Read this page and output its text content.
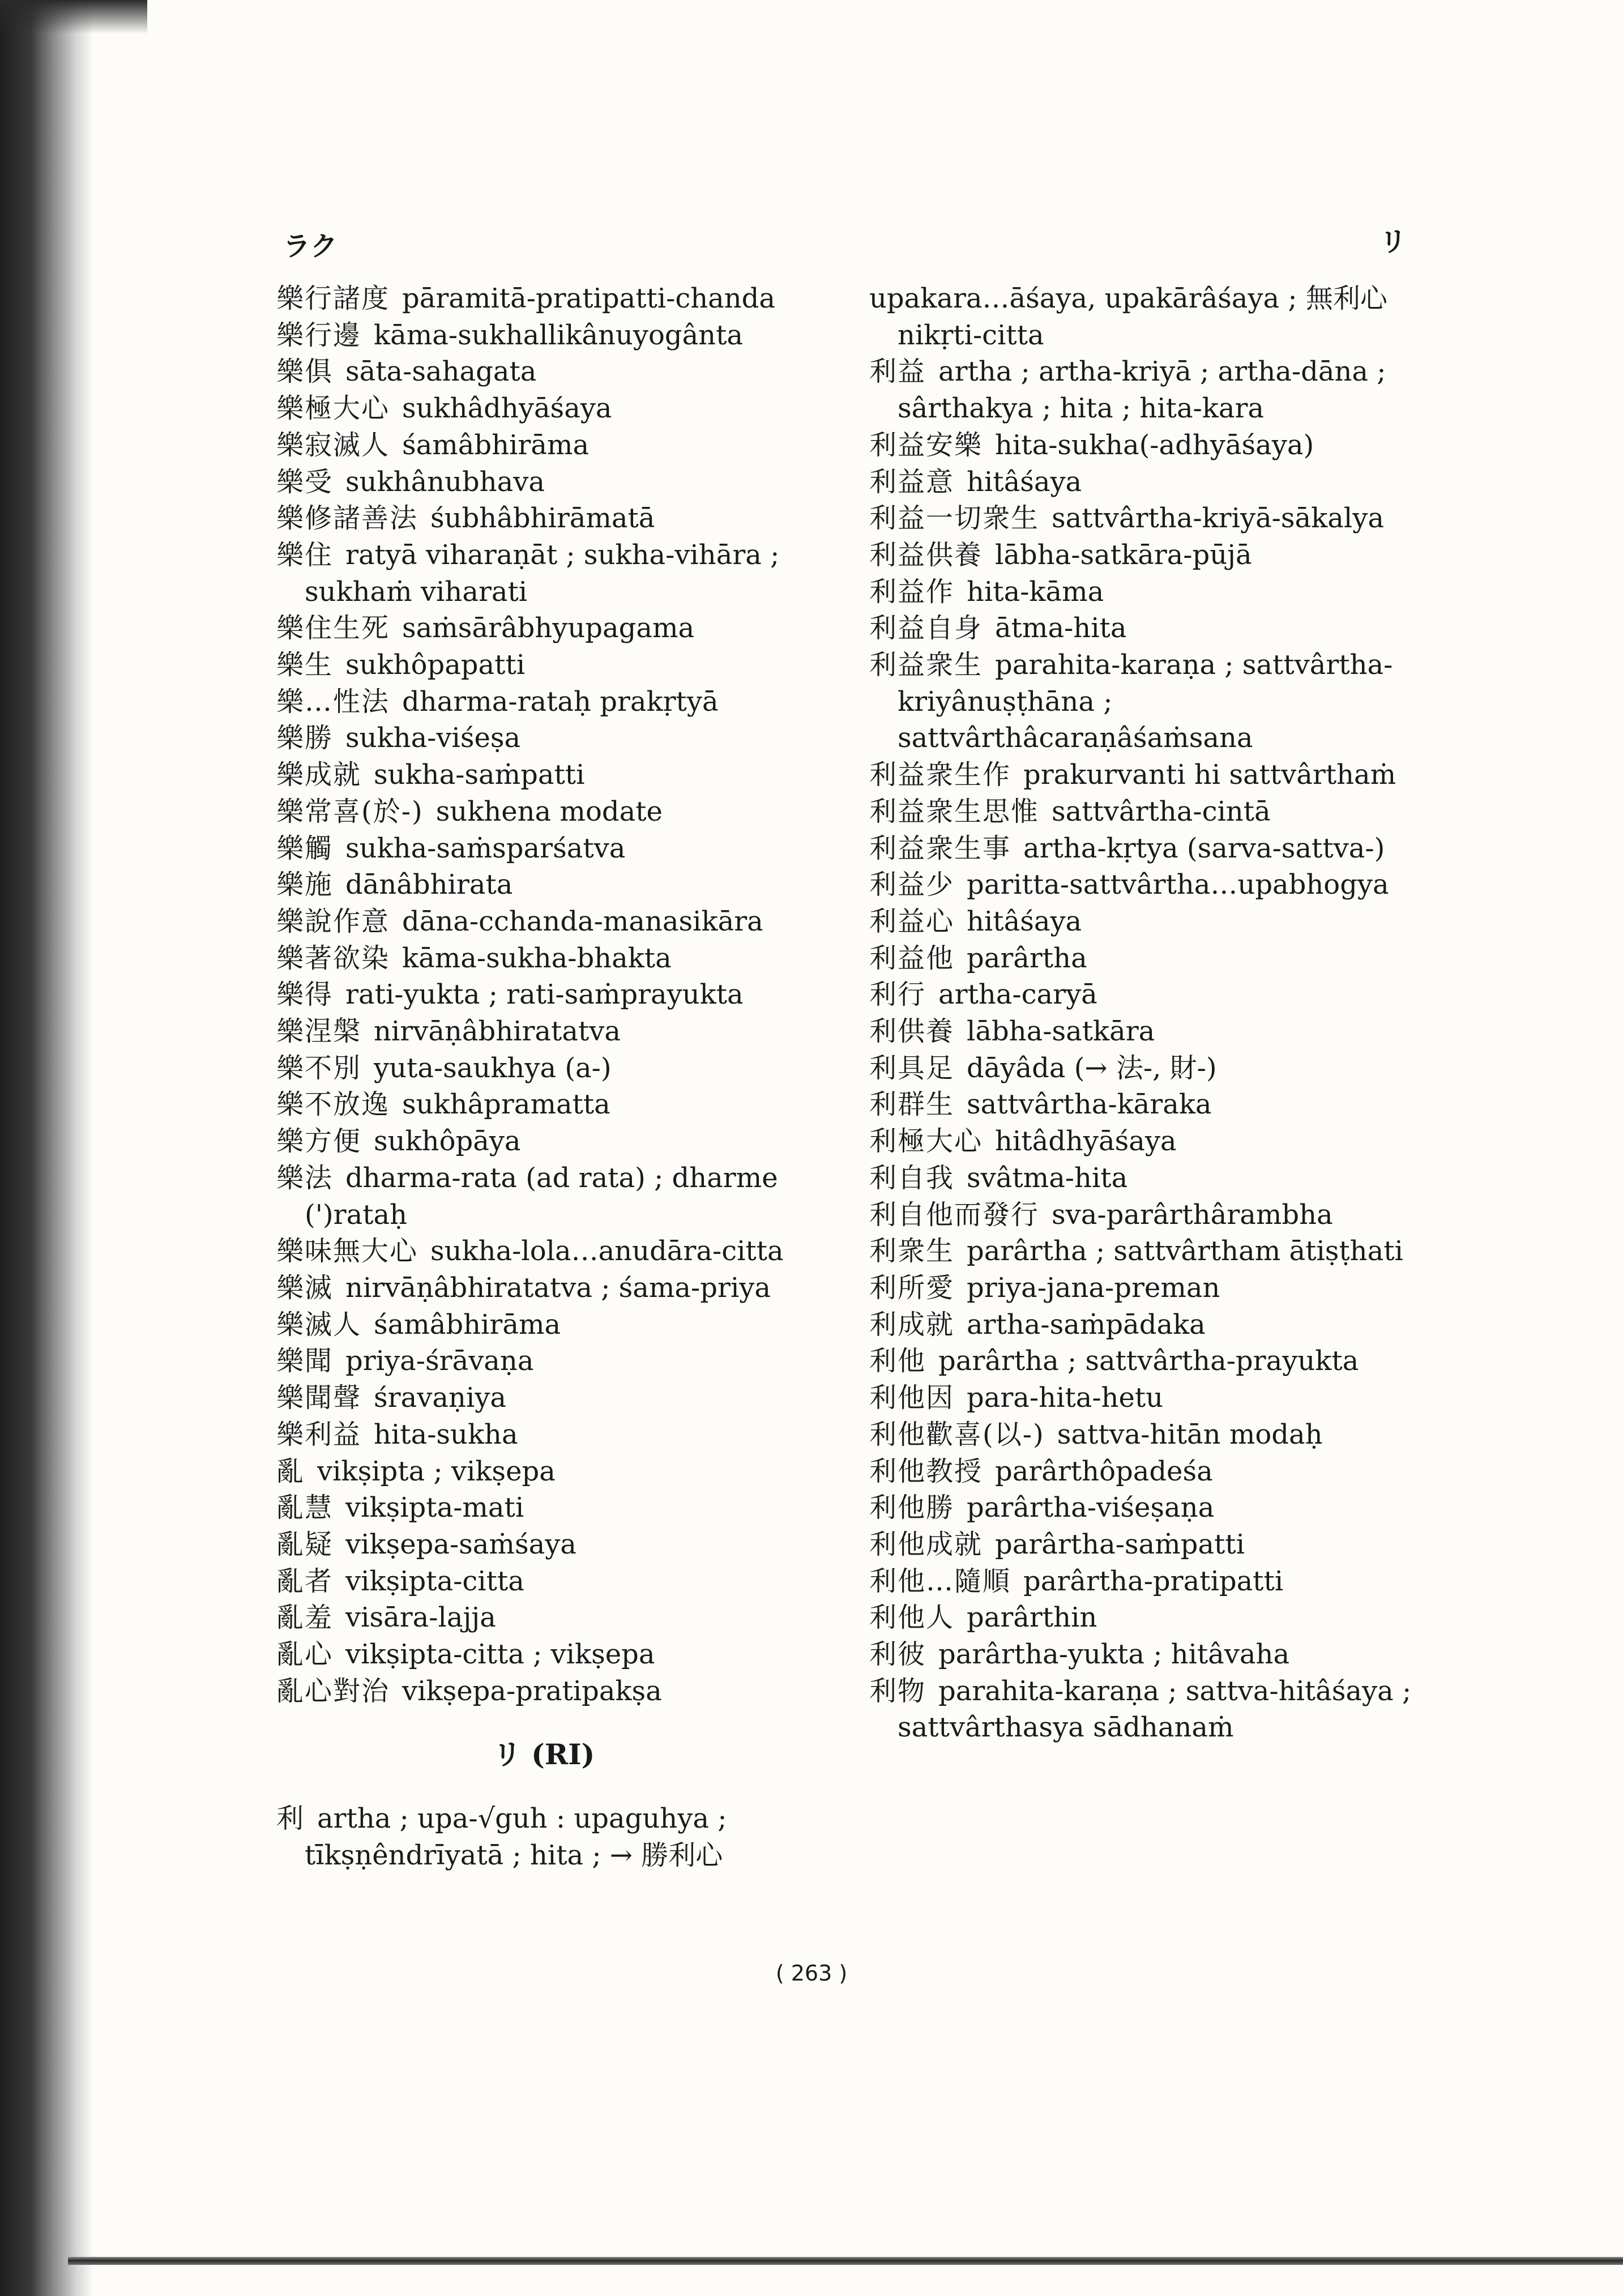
ラク	リ
樂行諸度 pāramitā-pratipatti-chanda
樂行邊 kāma-sukhallikânuyogânta
樂俱 sāta-sahagata
樂極大心 sukhâdhyāśaya
樂寂滅人 śamâbhirāma
樂受 sukhânubhava
樂修諸善法 śubhâbhirāmatā
樂住 ratyā viharaṇāt ; sukha-vihāra ; sukhaṁ viharati
樂住生死 saṁsārâbhyupagama
樂生 sukhôpapatti
樂…性法 dharma-rataḥ prakṛtyā
樂勝 sukha-viśeṣa
樂成就 sukha-saṁpatti
樂常喜(於-) sukhena modate
樂觸 sukha-saṁsparśatva
樂施 dānâbhirata
樂說作意 dāna-cchanda-manasikāra
樂著欲染 kāma-sukha-bhakta
樂得 rati-yukta ; rati-saṁprayukta
樂涅槃 nirvāṇâbhiratatva
樂不別 yuta-saukhya (a-)
樂不放逸 sukhâpramatta
樂方便 sukhôpāya
樂法 dharma-rata (ad rata) ; dharme (')rataḥ
樂味無大心 sukha-lola…anudāra-citta
樂滅 nirvāṇâbhiratatva ; śama-priya
樂滅人 śamâbhirāma
樂聞 priya-śrāvaṇa
樂聞聲 śravaṇiya
樂利益 hita-sukha
亂 vikṣipta ; vikṣepa
亂慧 vikṣipta-mati
亂疑 vikṣepa-saṁśaya
亂者 vikṣipta-citta
亂羞 visāra-lajja
亂心 vikṣipta-citta ; vikṣepa
亂心對治 vikṣepa-pratipakṣa
リ (RI)
利 artha ; upa-√guh : upaguhya ; tīkṣṇêndrīyatā ; hita ; → 勝利心
upakara…āśaya, upakārâśaya ; 無利心 nikṛti-citta
利益 artha ; artha-kriyā ; artha-dāna ; sârthakya ; hita ; hita-kara
利益安樂 hita-sukha(-adhyāśaya)
利益意 hitâśaya
利益一切衆生 sattvârtha-kriyā-sākalya
利益供養 lābha-satkāra-pūjā
利益作 hita-kāma
利益自身 ātma-hita
利益衆生 parahita-karaṇa ; sattvârtha-kriyânuṣṭhāna ; sattvârthâcaraṇâśaṁsana
利益衆生作 prakurvanti hi sattvârthaṁ
利益衆生思惟 sattvârtha-cintā
利益衆生事 artha-kṛtya (sarva-sattva-)
利益少 paritta-sattvârtha…upabhogya
利益心 hitâśaya
利益他 parârtha
利行 artha-caryā
利供養 lābha-satkāra
利具足 dāyâda (→ 法-, 財-)
利群生 sattvârtha-kāraka
利極大心 hitâdhyāśaya
利自我 svâtma-hita
利自他而發行 sva-parârthârambha
利衆生 parârtha ; sattvârtham ātiṣṭhati
利所愛 priya-jana-preman
利成就 artha-saṁpādaka
利他 parârtha ; sattvârtha-prayukta
利他因 para-hita-hetu
利他歡喜(以-) sattva-hitān modaḥ
利他教授 parârthôpadeśa
利他勝 parârtha-viśeṣaṇa
利他成就 parârtha-saṁpatti
利他…隨順 parârtha-pratipatti
利他人 parârthin
利彼 parârtha-yukta ; hitâvaha
利物 parahita-karaṇa ; sattva-hitâśaya ; sattvârthasya sādhanaṁ
( 263 )
